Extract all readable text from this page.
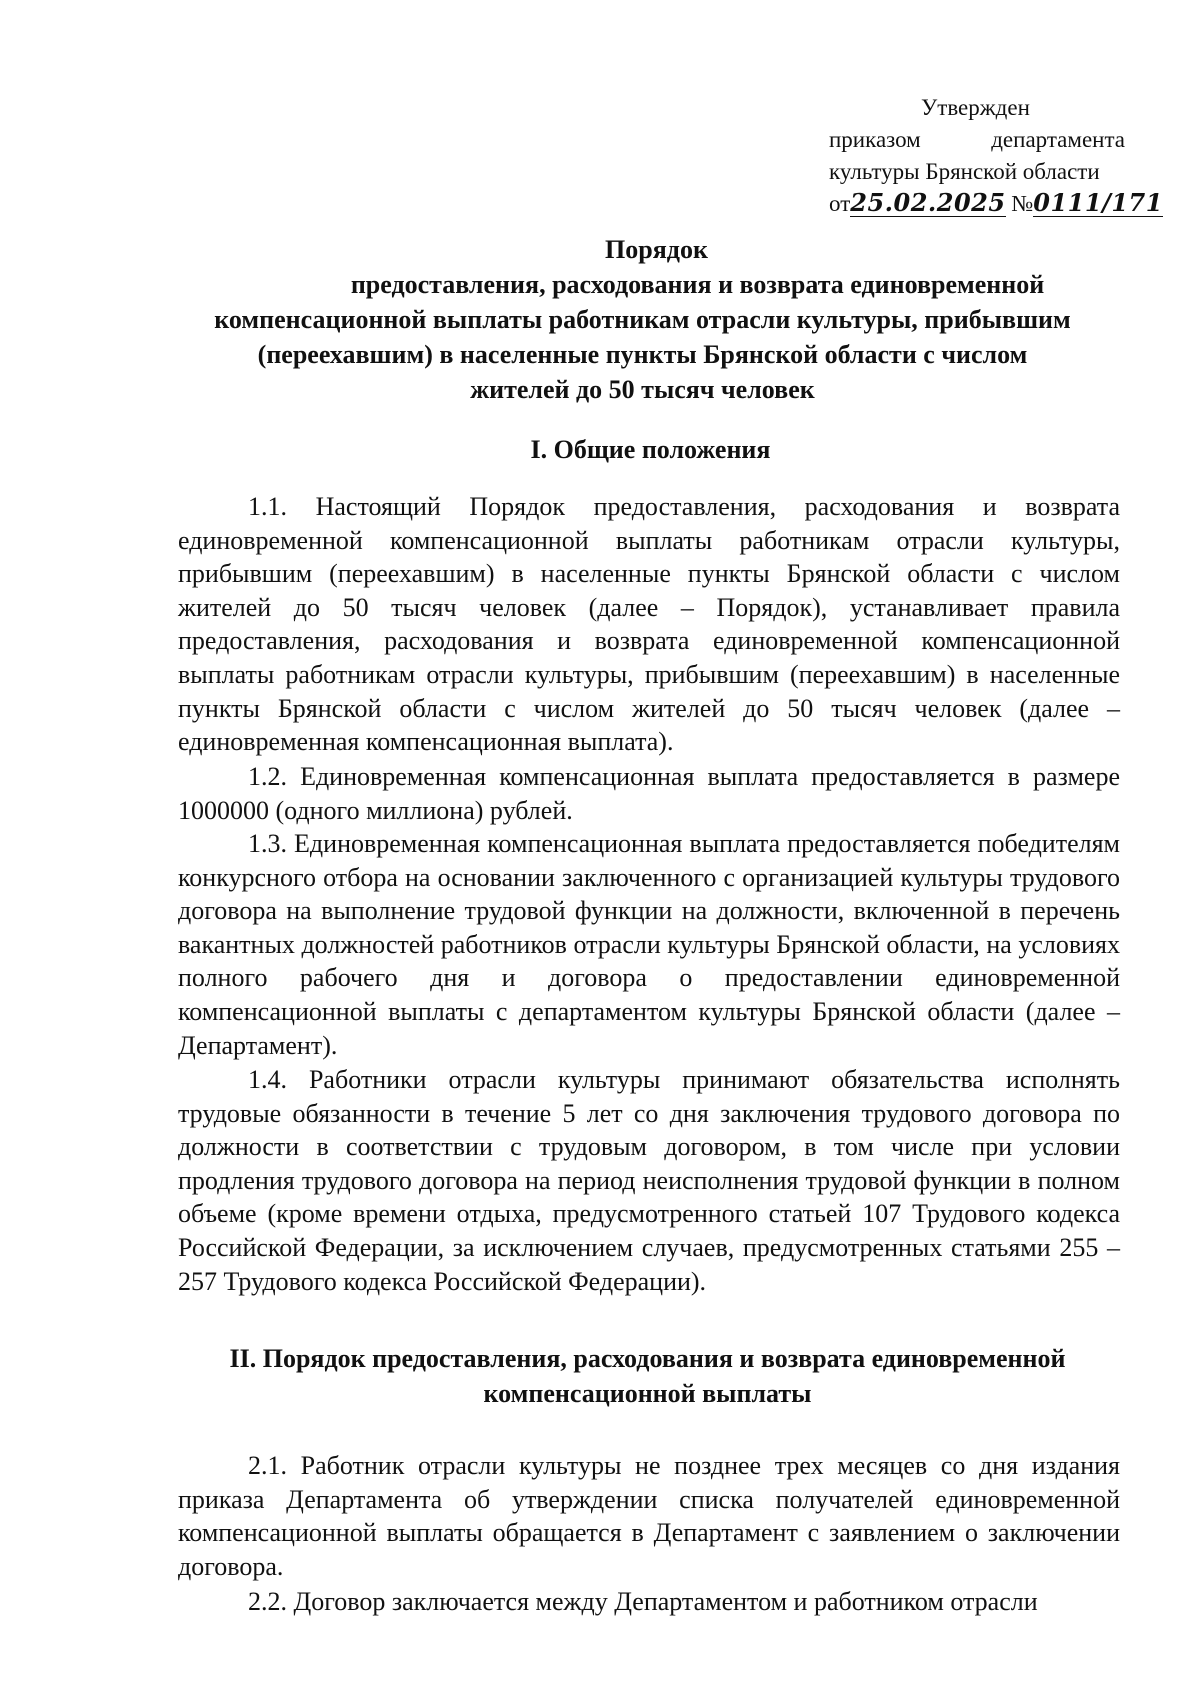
Утвержден
приказом	департамента
культуры Брянской области
от25.02.2025 №0111/171
Порядок
предоставления, расходования и возврата единовременной
компенсационной выплаты работникам отрасли культуры, прибывшим
(переехавшим) в населенные пункты Брянской области с числом
жителей до 50 тысяч человек
I. Общие положения

1.1. Настоящий Порядок предоставления, расходования и возврата единовременной компенсационной выплаты работникам отрасли культуры, прибывшим (переехавшим) в населенные пункты Брянской области с числом жителей до 50 тысяч человек (далее – Порядок), устанавливает правила предоставления, расходования и возврата единовременной компенсационной выплаты работникам отрасли культуры, прибывшим (переехавшим) в населенные пункты Брянской области с числом жителей до 50 тысяч человек (далее – единовременная компенсационная выплата).

1.2. Единовременная компенсационная выплата предоставляется в размере 1000000 (одного миллиона) рублей.

1.3. Единовременная компенсационная выплата предоставляется победителям конкурсного отбора на основании заключенного с организацией культуры трудового договора на выполнение трудовой функции на должности, включенной в перечень вакантных должностей работников отрасли культуры Брянской области, на условиях полного рабочего дня и договора о предоставлении единовременной компенсационной выплаты с департаментом культуры Брянской области (далее – Департамент).

1.4. Работники отрасли культуры принимают обязательства исполнять трудовые обязанности в течение 5 лет со дня заключения трудового договора по должности в соответствии с трудовым договором, в том числе при условии продления трудового договора на период неисполнения трудовой функции в полном объеме (кроме времени отдыха, предусмотренного статьей 107 Трудового кодекса Российской Федерации, за исключением случаев, предусмотренных статьями 255 – 257 Трудового кодекса Российской Федерации).

II. Порядок предоставления, расходования и возврата единовременной
компенсационной выплаты

2.1. Работник отрасли культуры не позднее трех месяцев со дня издания приказа Департамента об утверждении списка получателей единовременной компенсационной выплаты обращается в Департамент с заявлением о заключении договора.

2.2. Договор заключается между Департаментом и работником отрасли
